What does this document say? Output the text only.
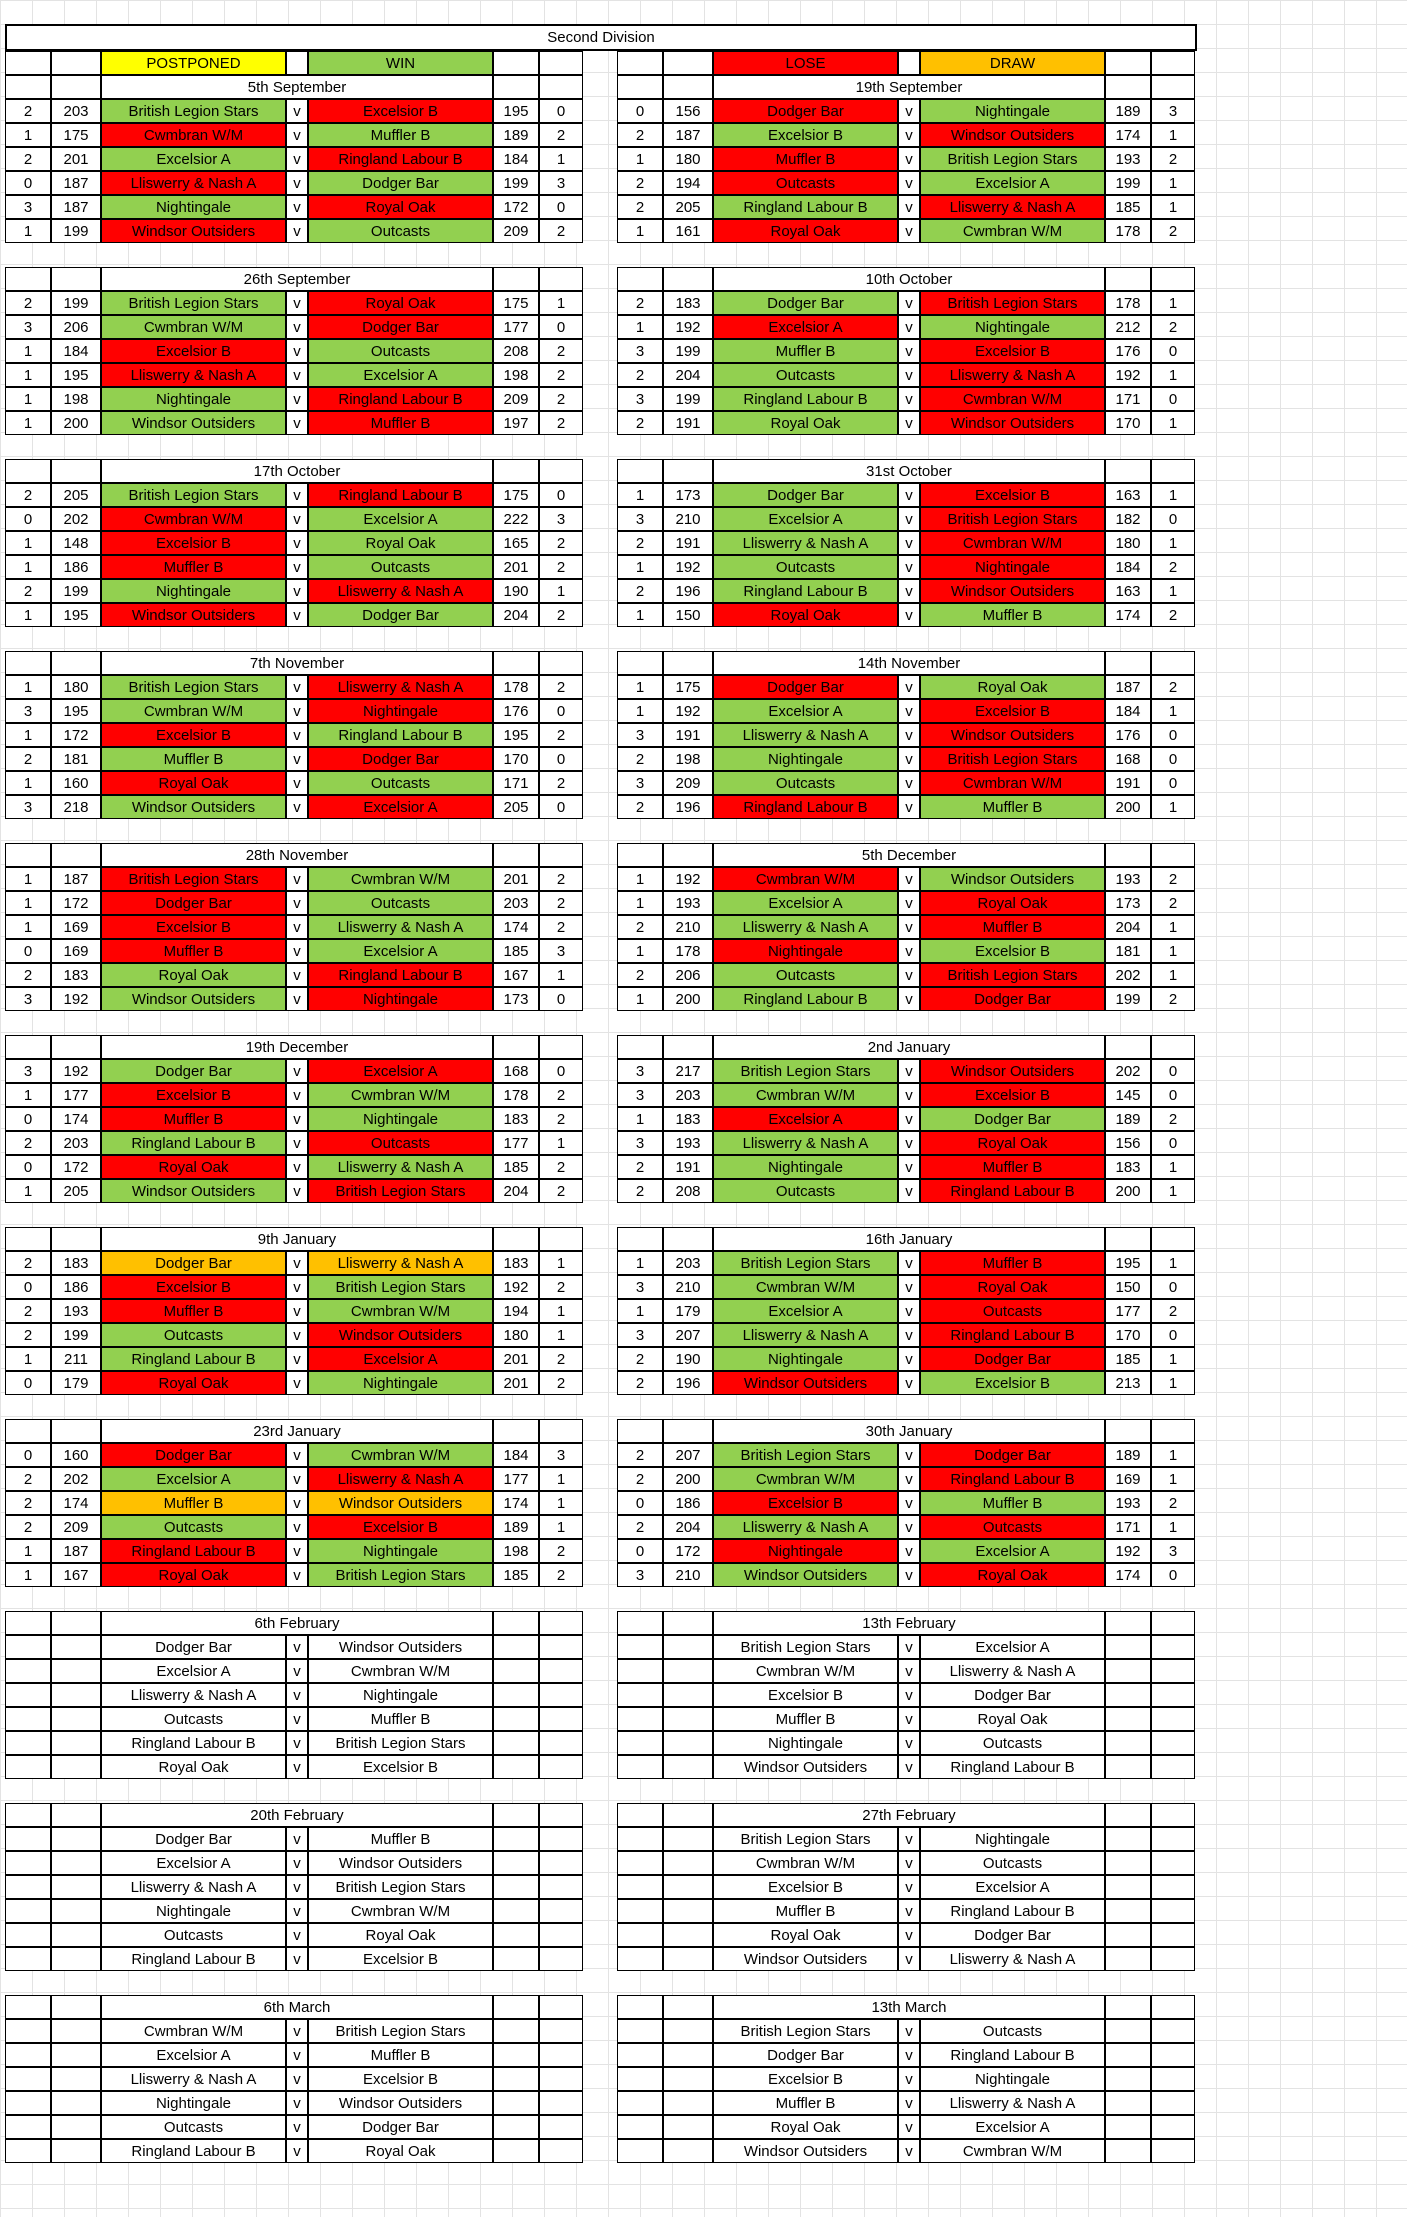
Second Division
POSTPONED	WIN	LOSE	DRAW
5th September
2	203	British Legion Stars	v	Excelsior B	195	0
1	175	Cwmbran W/M	v	Muffler B	189	2
2	201	Excelsior A	v	Ringland Labour B	184	1
0	187	Lliswerry & Nash A	v	Dodger Bar	199	3
3	187	Nightingale	v	Royal Oak	172	0
1	199	Windsor Outsiders	v	Outcasts	209	2
19th September
0	156	Dodger Bar	v	Nightingale	189	3
2	187	Excelsior B	v	Windsor Outsiders	174	1
1	180	Muffler B	v	British Legion Stars	193	2
2	194	Outcasts	v	Excelsior A	199	1
2	205	Ringland Labour B	v	Lliswerry & Nash A	185	1
1	161	Royal Oak	v	Cwmbran W/M	178	2
26th September
2	199	British Legion Stars	v	Royal Oak	175	1
3	206	Cwmbran W/M	v	Dodger Bar	177	0
1	184	Excelsior B	v	Outcasts	208	2
1	195	Lliswerry & Nash A	v	Excelsior A	198	2
1	198	Nightingale	v	Ringland Labour B	209	2
1	200	Windsor Outsiders	v	Muffler B	197	2
10th October
2	183	Dodger Bar	v	British Legion Stars	178	1
1	192	Excelsior A	v	Nightingale	212	2
3	199	Muffler B	v	Excelsior B	176	0
2	204	Outcasts	v	Lliswerry & Nash A	192	1
3	199	Ringland Labour B	v	Cwmbran W/M	171	0
2	191	Royal Oak	v	Windsor Outsiders	170	1
17th October
2	205	British Legion Stars	v	Ringland Labour B	175	0
0	202	Cwmbran W/M	v	Excelsior A	222	3
1	148	Excelsior B	v	Royal Oak	165	2
1	186	Muffler B	v	Outcasts	201	2
2	199	Nightingale	v	Lliswerry & Nash A	190	1
1	195	Windsor Outsiders	v	Dodger Bar	204	2
31st October
1	173	Dodger Bar	v	Excelsior B	163	1
3	210	Excelsior A	v	British Legion Stars	182	0
2	191	Lliswerry & Nash A	v	Cwmbran W/M	180	1
1	192	Outcasts	v	Nightingale	184	2
2	196	Ringland Labour B	v	Windsor Outsiders	163	1
1	150	Royal Oak	v	Muffler B	174	2
7th November
1	180	British Legion Stars	v	Lliswerry & Nash A	178	2
3	195	Cwmbran W/M	v	Nightingale	176	0
1	172	Excelsior B	v	Ringland Labour B	195	2
2	181	Muffler B	v	Dodger Bar	170	0
1	160	Royal Oak	v	Outcasts	171	2
3	218	Windsor Outsiders	v	Excelsior A	205	0
14th November
1	175	Dodger Bar	v	Royal Oak	187	2
1	192	Excelsior A	v	Excelsior B	184	1
3	191	Lliswerry & Nash A	v	Windsor Outsiders	176	0
2	198	Nightingale	v	British Legion Stars	168	0
3	209	Outcasts	v	Cwmbran W/M	191	0
2	196	Ringland Labour B	v	Muffler B	200	1
28th November
1	187	British Legion Stars	v	Cwmbran W/M	201	2
1	172	Dodger Bar	v	Outcasts	203	2
1	169	Excelsior B	v	Lliswerry & Nash A	174	2
0	169	Muffler B	v	Excelsior A	185	3
2	183	Royal Oak	v	Ringland Labour B	167	1
3	192	Windsor Outsiders	v	Nightingale	173	0
5th December
1	192	Cwmbran W/M	v	Windsor Outsiders	193	2
1	193	Excelsior A	v	Royal Oak	173	2
2	210	Lliswerry & Nash A	v	Muffler B	204	1
1	178	Nightingale	v	Excelsior B	181	1
2	206	Outcasts	v	British Legion Stars	202	1
1	200	Ringland Labour B	v	Dodger Bar	199	2
19th December
3	192	Dodger Bar	v	Excelsior A	168	0
1	177	Excelsior B	v	Cwmbran W/M	178	2
0	174	Muffler B	v	Nightingale	183	2
2	203	Ringland Labour B	v	Outcasts	177	1
0	172	Royal Oak	v	Lliswerry & Nash A	185	2
1	205	Windsor Outsiders	v	British Legion Stars	204	2
2nd January
3	217	British Legion Stars	v	Windsor Outsiders	202	0
3	203	Cwmbran W/M	v	Excelsior B	145	0
1	183	Excelsior A	v	Dodger Bar	189	2
3	193	Lliswerry & Nash A	v	Royal Oak	156	0
2	191	Nightingale	v	Muffler B	183	1
2	208	Outcasts	v	Ringland Labour B	200	1
9th January
2	183	Dodger Bar	v	Lliswerry & Nash A	183	1
0	186	Excelsior B	v	British Legion Stars	192	2
2	193	Muffler B	v	Cwmbran W/M	194	1
2	199	Outcasts	v	Windsor Outsiders	180	1
1	211	Ringland Labour B	v	Excelsior A	201	2
0	179	Royal Oak	v	Nightingale	201	2
16th January
1	203	British Legion Stars	v	Muffler B	195	1
3	210	Cwmbran W/M	v	Royal Oak	150	0
1	179	Excelsior A	v	Outcasts	177	2
3	207	Lliswerry & Nash A	v	Ringland Labour B	170	0
2	190	Nightingale	v	Dodger Bar	185	1
2	196	Windsor Outsiders	v	Excelsior B	213	1
23rd January
0	160	Dodger Bar	v	Cwmbran W/M	184	3
2	202	Excelsior A	v	Lliswerry & Nash A	177	1
2	174	Muffler B	v	Windsor Outsiders	174	1
2	209	Outcasts	v	Excelsior B	189	1
1	187	Ringland Labour B	v	Nightingale	198	2
1	167	Royal Oak	v	British Legion Stars	185	2
30th January
2	207	British Legion Stars	v	Dodger Bar	189	1
2	200	Cwmbran W/M	v	Ringland Labour B	169	1
0	186	Excelsior B	v	Muffler B	193	2
2	204	Lliswerry & Nash A	v	Outcasts	171	1
0	172	Nightingale	v	Excelsior A	192	3
3	210	Windsor Outsiders	v	Royal Oak	174	0
6th February
Dodger Bar	v	Windsor Outsiders
Excelsior A	v	Cwmbran W/M
Lliswerry & Nash A	v	Nightingale
Outcasts	v	Muffler B
Ringland Labour B	v	British Legion Stars
Royal Oak	v	Excelsior B
13th February
British Legion Stars	v	Excelsior A
Cwmbran W/M	v	Lliswerry & Nash A
Excelsior B	v	Dodger Bar
Muffler B	v	Royal Oak
Nightingale	v	Outcasts
Windsor Outsiders	v	Ringland Labour B
20th February
Dodger Bar	v	Muffler B
Excelsior A	v	Windsor Outsiders
Lliswerry & Nash A	v	British Legion Stars
Nightingale	v	Cwmbran W/M
Outcasts	v	Royal Oak
Ringland Labour B	v	Excelsior B
27th February
British Legion Stars	v	Nightingale
Cwmbran W/M	v	Outcasts
Excelsior B	v	Excelsior A
Muffler B	v	Ringland Labour B
Royal Oak	v	Dodger Bar
Windsor Outsiders	v	Lliswerry & Nash A
6th March
Cwmbran W/M	v	British Legion Stars
Excelsior A	v	Muffler B
Lliswerry & Nash A	v	Excelsior B
Nightingale	v	Windsor Outsiders
Outcasts	v	Dodger Bar
Ringland Labour B	v	Royal Oak
13th March
British Legion Stars	v	Outcasts
Dodger Bar	v	Ringland Labour B
Excelsior B	v	Nightingale
Muffler B	v	Lliswerry & Nash A
Royal Oak	v	Excelsior A
Windsor Outsiders	v	Cwmbran W/M
